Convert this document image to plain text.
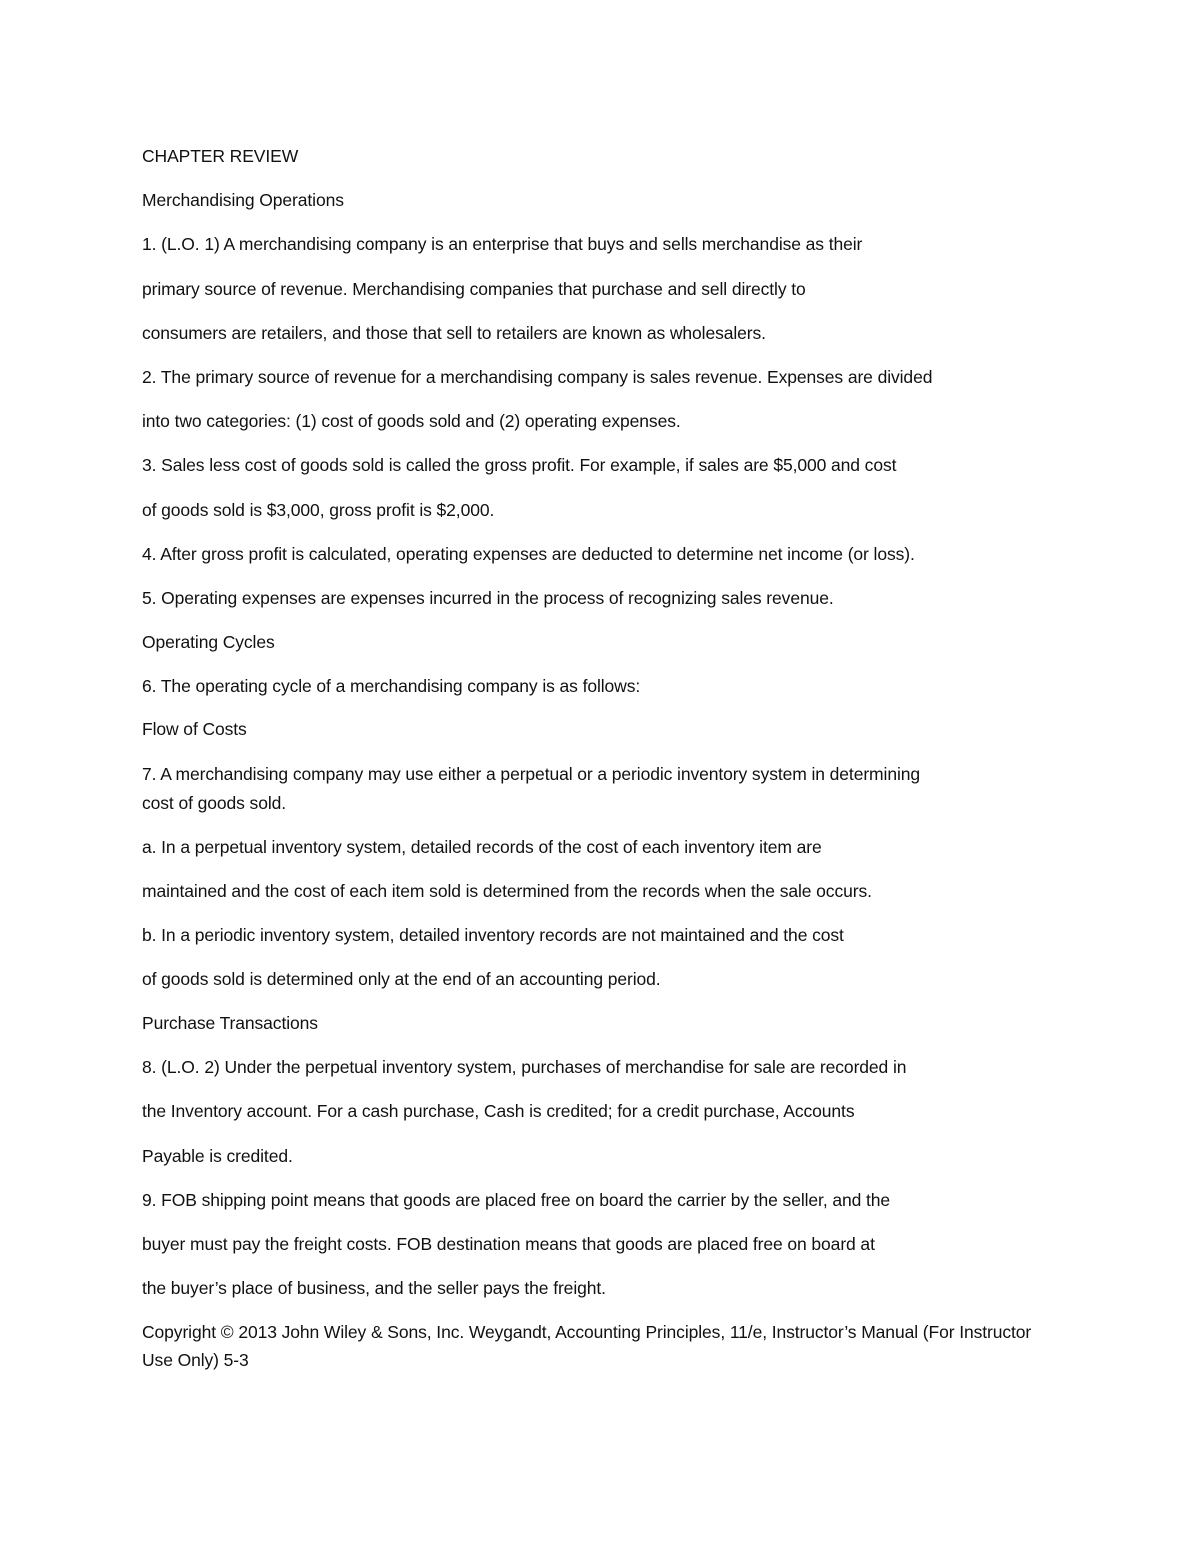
CHAPTER REVIEW
Merchandising Operations
1. (L.O. 1) A merchandising company is an enterprise that buys and sells merchandise as their
primary source of revenue. Merchandising companies that purchase and sell directly to
consumers are retailers, and those that sell to retailers are known as wholesalers.
2. The primary source of revenue for a merchandising company is sales revenue. Expenses are divided
into two categories: (1) cost of goods sold and (2) operating expenses.
3. Sales less cost of goods sold is called the gross profit. For example, if sales are $5,000 and cost
of goods sold is $3,000, gross profit is $2,000.
4. After gross profit is calculated, operating expenses are deducted to determine net income (or loss).
5. Operating expenses are expenses incurred in the process of recognizing sales revenue.
Operating Cycles
6. The operating cycle of a merchandising company is as follows:
Flow of Costs
7. A merchandising company may use either a perpetual or a periodic inventory system in determining
cost of goods sold.
a. In a perpetual inventory system, detailed records of the cost of each inventory item are
maintained and the cost of each item sold is determined from the records when the sale occurs.
b. In a periodic inventory system, detailed inventory records are not maintained and the cost
of goods sold is determined only at the end of an accounting period.
Purchase Transactions
8. (L.O. 2) Under the perpetual inventory system, purchases of merchandise for sale are recorded in
the Inventory account. For a cash purchase, Cash is credited; for a credit purchase, Accounts
Payable is credited.
9. FOB shipping point means that goods are placed free on board the carrier by the seller, and the
buyer must pay the freight costs. FOB destination means that goods are placed free on board at
the buyer’s place of business, and the seller pays the freight.
Copyright © 2013 John Wiley & Sons, Inc. Weygandt, Accounting Principles, 11/e, Instructor’s Manual (For Instructor Use Only) 5-3
